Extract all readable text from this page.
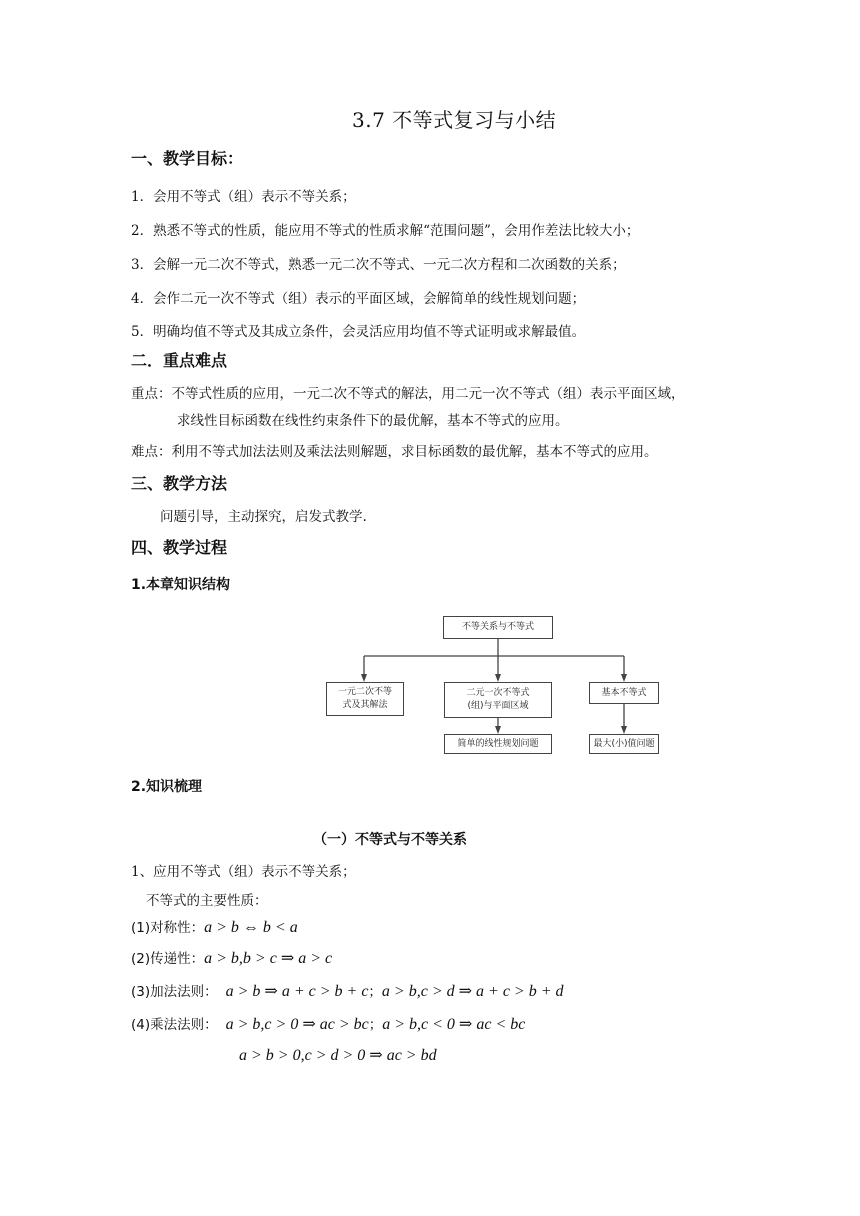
3.7 不等式复习与小结
一、教学目标：
1．会用不等式（组）表示不等关系；
2．熟悉不等式的性质，能应用不等式的性质求解“范围问题”，会用作差法比较大小；
3．会解一元二次不等式，熟悉一元二次不等式、一元二次方程和二次函数的关系；
4．会作二元一次不等式（组）表示的平面区域，会解简单的线性规划问题；
5．明确均值不等式及其成立条件，会灵活应用均值不等式证明或求解最值。
二．重点难点
重点：不等式性质的应用，一元二次不等式的解法，用二元一次不等式（组）表示平面区域，
求线性目标函数在线性约束条件下的最优解，基本不等式的应用。
难点：利用不等式加法法则及乘法法则解题，求目标函数的最优解，基本不等式的应用。
三、教学方法
问题引导，主动探究，启发式教学.
四、教学过程
1.本章知识结构
不等关系与不等式
一元二次不等
式及其解法
二元一次不等式
(组)与平面区域
基本不等式
简单的线性规划问题	最大(小)值问题
2.知识梳理
（一）不等式与不等关系
1、应用不等式（组）表示不等关系；
不等式的主要性质：
(1)对称性：a > b ⇔ b < a
(2)传递性：a > b,b > c ⇒ a > c
(3)加法法则： a > b ⇒ a + c > b + c；a > b,c > d ⇒ a + c > b + d
(4)乘法法则： a > b,c > 0 ⇒ ac > bc；a > b,c < 0 ⇒ ac < bc
a > b > 0,c > d > 0 ⇒ ac > bd
